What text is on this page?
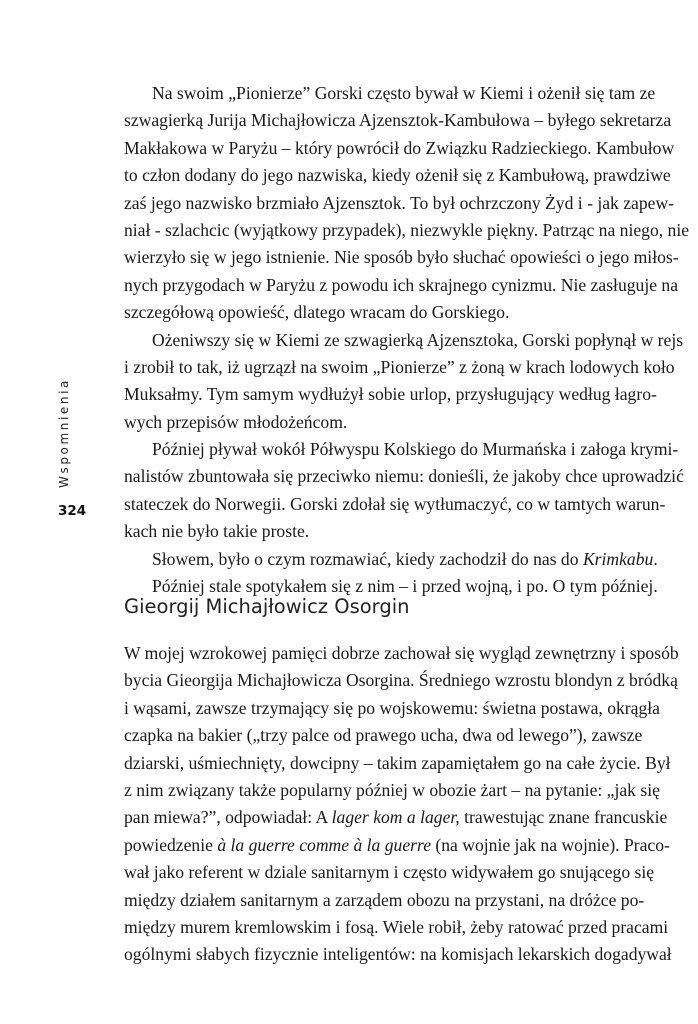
Wspomnienia
324
Na swoim „Pionierze” Gorski często bywał w Kiemi i ożenił się tam ze
szwagierką Jurija Michajłowicza Ajzensztok-Kambułowa – byłego sekretarza
Makłakowa w Paryżu – który powrócił do Związku Radzieckiego. Kambułow
to człon dodany do jego nazwiska, kiedy ożenił się z Kambułową, prawdziwe
zaś jego nazwisko brzmiało Ajzensztok. To był ochrzczony Żyd i - jak zapew-
niał - szlachcic (wyjątkowy przypadek), niezwykle piękny. Patrząc na niego, nie
wierzyło się w jego istnienie. Nie sposób było słuchać opowieści o jego miłos-
nych przygodach w Paryżu z powodu ich skrajnego cynizmu. Nie zasługuje na
szczegółową opowieść, dlatego wracam do Gorskiego.
Ożeniwszy się w Kiemi ze szwagierką Ajzensztoka, Gorski popłynął w rejs
i zrobił to tak, iż ugrzązł na swoim „Pionierze” z żoną w krach lodowych koło
Muksałmy. Tym samym wydłużył sobie urlop, przysługujący według łagro-
wych przepisów młodożeńcom.
Później pływał wokół Półwyspu Kolskiego do Murmańska i załoga krymi-
nalistów zbuntowała się przeciwko niemu: donieśli, że jakoby chce uprowadzić
stateczek do Norwegii. Gorski zdołał się wytłumaczyć, co w tamtych warun-
kach nie było takie proste.
Słowem, było o czym rozmawiać, kiedy zachodził do nas do Krimkabu.
Później stale spotykałem się z nim – i przed wojną, i po. O tym później.
Gieorgij Michajłowicz Osorgin
W mojej wzrokowej pamięci dobrze zachował się wygląd zewnętrzny i sposób
bycia Gieorgija Michajłowicza Osorgina. Średniego wzrostu blondyn z bródką
i wąsami, zawsze trzymający się po wojskowemu: świetna postawa, okrągła
czapka na bakier („trzy palce od prawego ucha, dwa od lewego”), zawsze
dziarski, uśmiechnięty, dowcipny – takim zapamiętałem go na całe życie. Był
z nim związany także popularny później w obozie żart – na pytanie: „jak się
pan miewa?”, odpowiadał: A lager kom a lager, trawestując znane francuskie
powiedzenie à la guerre comme à la guerre (na wojnie jak na wojnie). Praco-
wał jako referent w dziale sanitarnym i często widywałem go snującego się
między działem sanitarnym a zarządem obozu na przystani, na dróżce po-
między murem kremlowskim i fosą. Wiele robił, żeby ratować przed pracami
ogólnymi słabych fizycznie inteligentów: na komisjach lekarskich dogadywał
